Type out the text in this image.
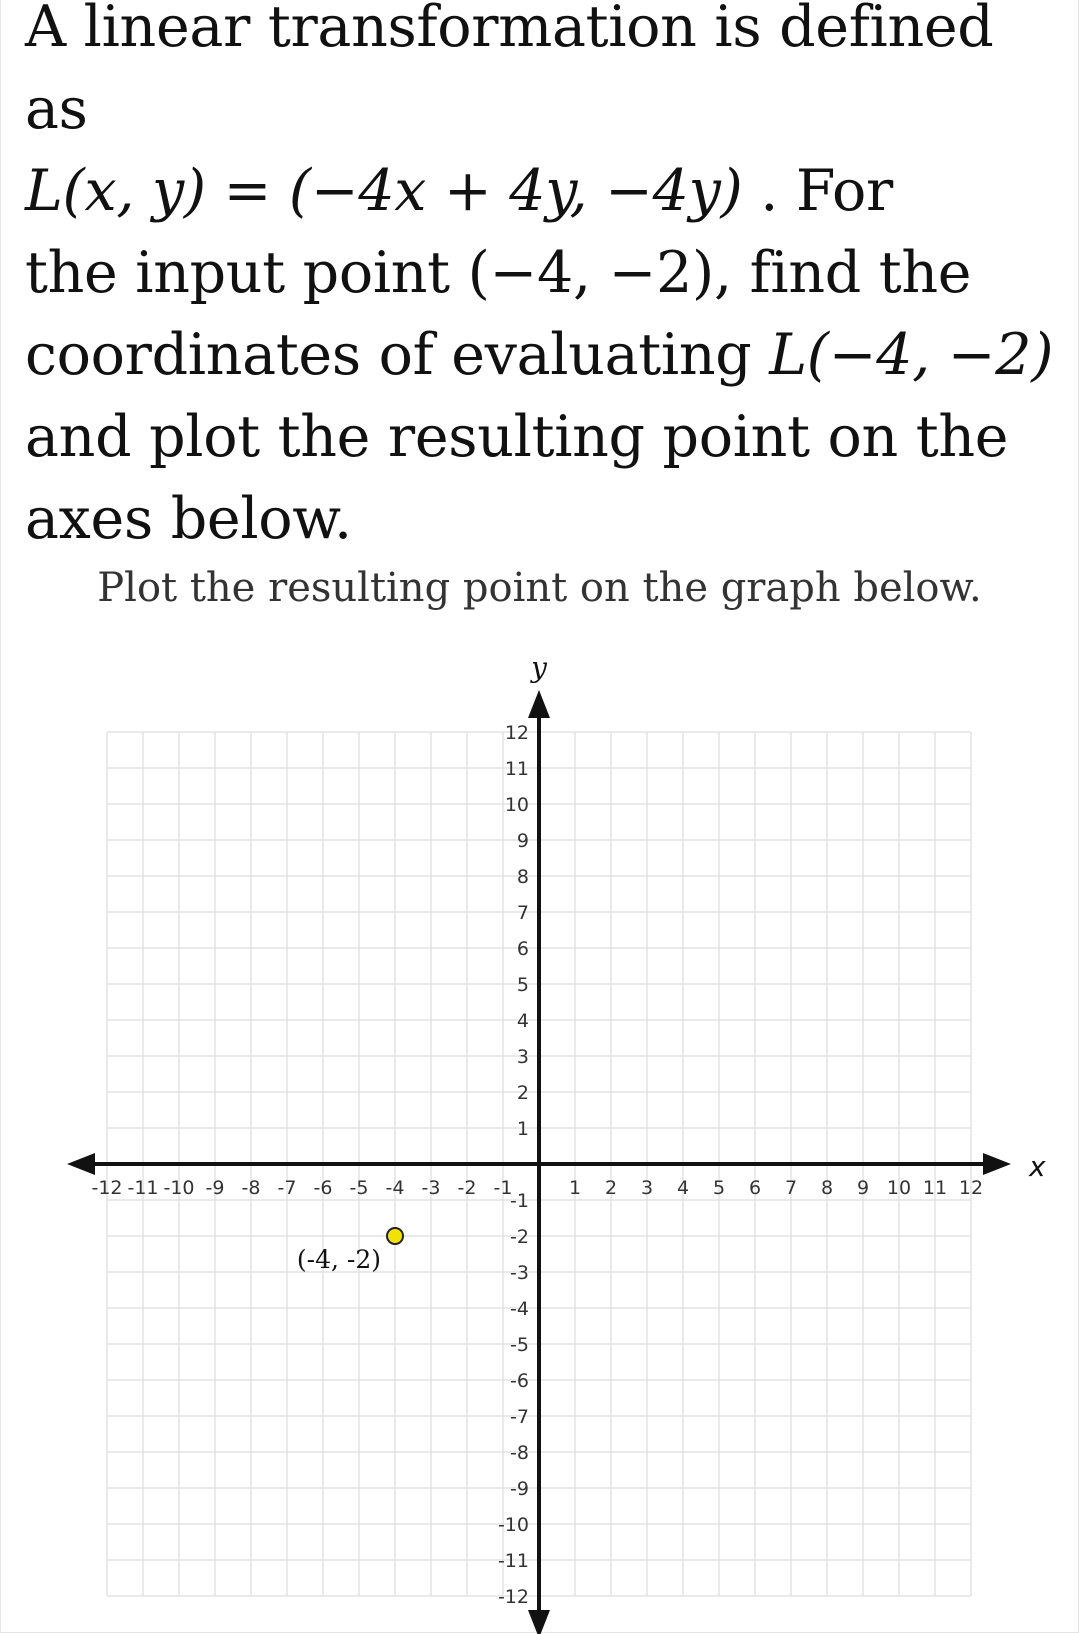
A linear transformation is defined as
L(x, y) = (−4x + 4y, −4y) . For
the input point (−4, −2), find the
coordinates of evaluating L(−4, −2)
and plot the resulting point on the
axes below.
Plot the resulting point on the graph below.
x
y
-12 -11 -10 -9 -8 -7 -6 -5 -4 -3 -2 -1	1 2 3 4 5 6 7 8 9 10 11 12
12
11
10
9
8
7
6
5
4
3
2
1
-1
-2
-3
-4
-5
-6
-7
-8
-9
-10
-11
-12
(-4, -2)
